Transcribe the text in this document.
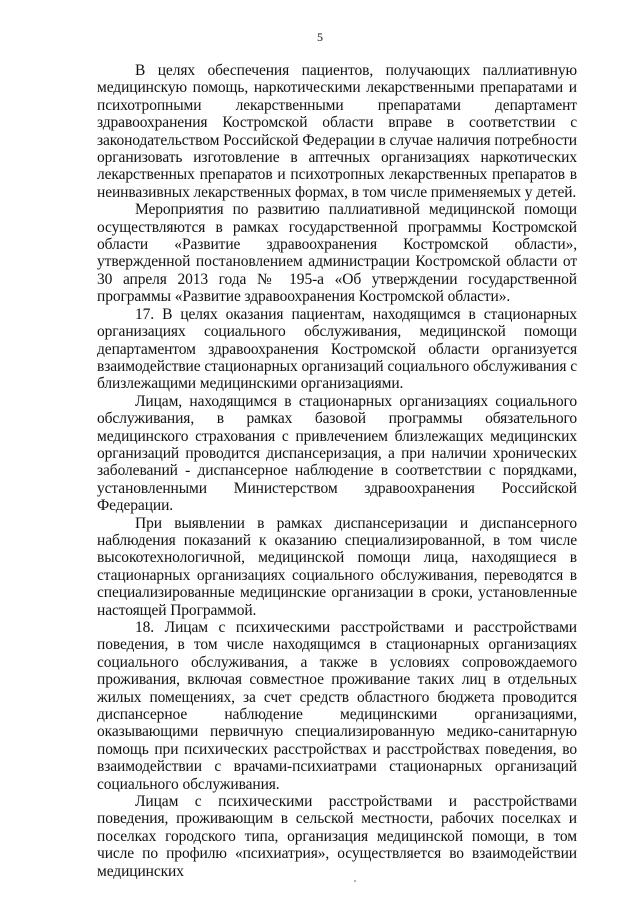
5

В целях обеспечения пациентов, получающих паллиативную медицинскую помощь, наркотическими лекарственными препаратами и психотропными лекарственными препаратами департамент здравоохранения Костромской области вправе в соответствии с законодательством Российской Федерации в случае наличия потребности организовать изготовление в аптечных организациях наркотических лекарственных препаратов и психотропных лекарственных препаратов в неинвазивных лекарственных формах, в том числе применяемых у детей.

Мероприятия по развитию паллиативной медицинской помощи осуществляются в рамках государственной программы Костромской области «Развитие здравоохранения Костромской области», утвержденной постановлением администрации Костромской области от 30 апреля 2013 года № 195-а «Об утверждении государственной программы «Развитие здравоохранения Костромской области».

17. В целях оказания пациентам, находящимся в стационарных организациях социального обслуживания, медицинской помощи департаментом здравоохранения Костромской области организуется взаимодействие стационарных организаций социального обслуживания с близлежащими медицинскими организациями.

Лицам, находящимся в стационарных организациях социального обслуживания, в рамках базовой программы обязательного медицинского страхования с привлечением близлежащих медицинских организаций проводится диспансеризация, а при наличии хронических заболеваний - диспансерное наблюдение в соответствии с порядками, установленными Министерством здравоохранения Российской Федерации.

При выявлении в рамках диспансеризации и диспансерного наблюдения показаний к оказанию специализированной, в том числе высокотехнологичной, медицинской помощи лица, находящиеся в стационарных организациях социального обслуживания, переводятся в специализированные медицинские организации в сроки, установленные настоящей Программой.

18. Лицам с психическими расстройствами и расстройствами поведения, в том числе находящимся в стационарных организациях социального обслуживания, а также в условиях сопровождаемого проживания, включая совместное проживание таких лиц в отдельных жилых помещениях, за счет средств областного бюджета проводится диспансерное наблюдение медицинскими организациями, оказывающими первичную специализированную медико-санитарную помощь при психических расстройствах и расстройствах поведения, во взаимодействии с врачами-психиатрами стационарных организаций социального обслуживания.

Лицам с психическими расстройствами и расстройствами поведения, проживающим в сельской местности, рабочих поселках и поселках городского типа, организация медицинской помощи, в том числе по профилю «психиатрия», осуществляется во взаимодействии медицинских
